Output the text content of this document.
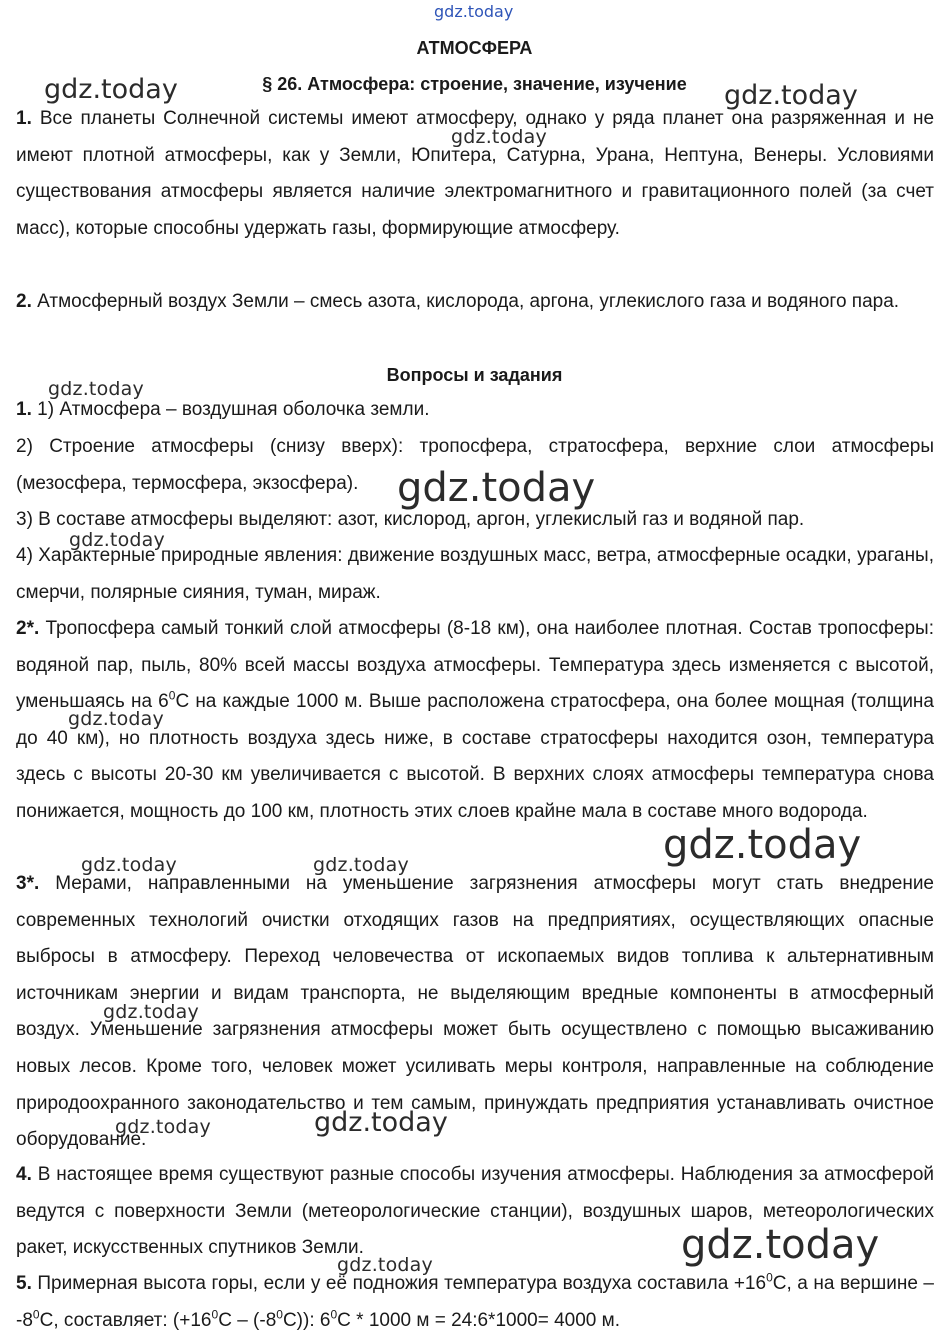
gdz.today
gdz.today	gdz.today
gdz.today
gdz.today
gdz.today
gdz.today
gdz.today
gdz.today
gdz.today	gdz.today
gdz.today
gdz.today
gdz.today
gdz.today
gdz.today
АТМОСФЕРА
§ 26. Атмосфера: строение, значение, изучение
1. Все планеты Солнечной системы имеют атмосферу, однако у ряда планет она разряженная и не имеют плотной атмосферы, как у Земли, Юпитера, Сатурна, Урана, Нептуна, Венеры. Условиями существования атмосферы является наличие электромагнитного и гравитационного полей (за счет масс), которые способны удержать газы, формирующие атмосферу.
2. Атмосферный воздух Земли – смесь азота, кислорода, аргона, углекислого газа и водяного пара.
Вопросы и задания
1. 1) Атмосфера – воздушная оболочка земли.
2) Строение атмосферы (снизу вверх): тропосфера, стратосфера, верхние слои атмосферы (мезосфера, термосфера, экзосфера).
3) В составе атмосферы выделяют: азот, кислород, аргон, углекислый газ и водяной пар.
4) Характерные природные явления: движение воздушных масс, ветра, атмосферные осадки, ураганы, смерчи, полярные сияния, туман, мираж.
2*. Тропосфера самый тонкий слой атмосферы (8-18 км), она наиболее плотная. Состав тропосферы: водяной пар, пыль, 80% всей массы воздуха атмосферы. Температура здесь изменяется с высотой, уменьшаясь на $6^0С$ на каждые 1000 м. Выше расположена стратосфера, она более мощная (толщина до 40 км), но плотность воздуха здесь ниже, в составе стратосферы находится озон, температура здесь с высоты 20-30 км увеличивается с высотой. В верхних слоях атмосферы температура снова понижается, мощность до 100 км, плотность этих слоев крайне мала в составе много водорода.
3*. Мерами, направленными на уменьшение загрязнения атмосферы могут стать внедрение современных технологий очистки отходящих газов на предприятиях, осуществляющих опасные выбросы в атмосферу. Переход человечества от ископаемых видов топлива к альтернативным источникам энергии и видам транспорта, не выделяющим вредные компоненты в атмосферный воздух. Уменьшение загрязнения атмосферы может быть осуществлено с помощью высаживанию новых лесов. Кроме того, человек может усиливать меры контроля, направленные на соблюдение природоохранного законодательство и тем самым, принуждать предприятия устанавливать очистное оборудование.
4. В настоящее время существуют разные способы изучения атмосферы. Наблюдения за атмосферой ведутся с поверхности Земли (метеорологические станции), воздушных шаров, метеорологических ракет, искусственных спутников Земли.
5. Примерная высота горы, если у её подножия температура воздуха составила $+16^0С$, а на вершине – $-8^0С$, составляет: $(+16^0С - (-8^0С))$: $6^0С * 1000$ м = 24:6*1000= 4000 м.
